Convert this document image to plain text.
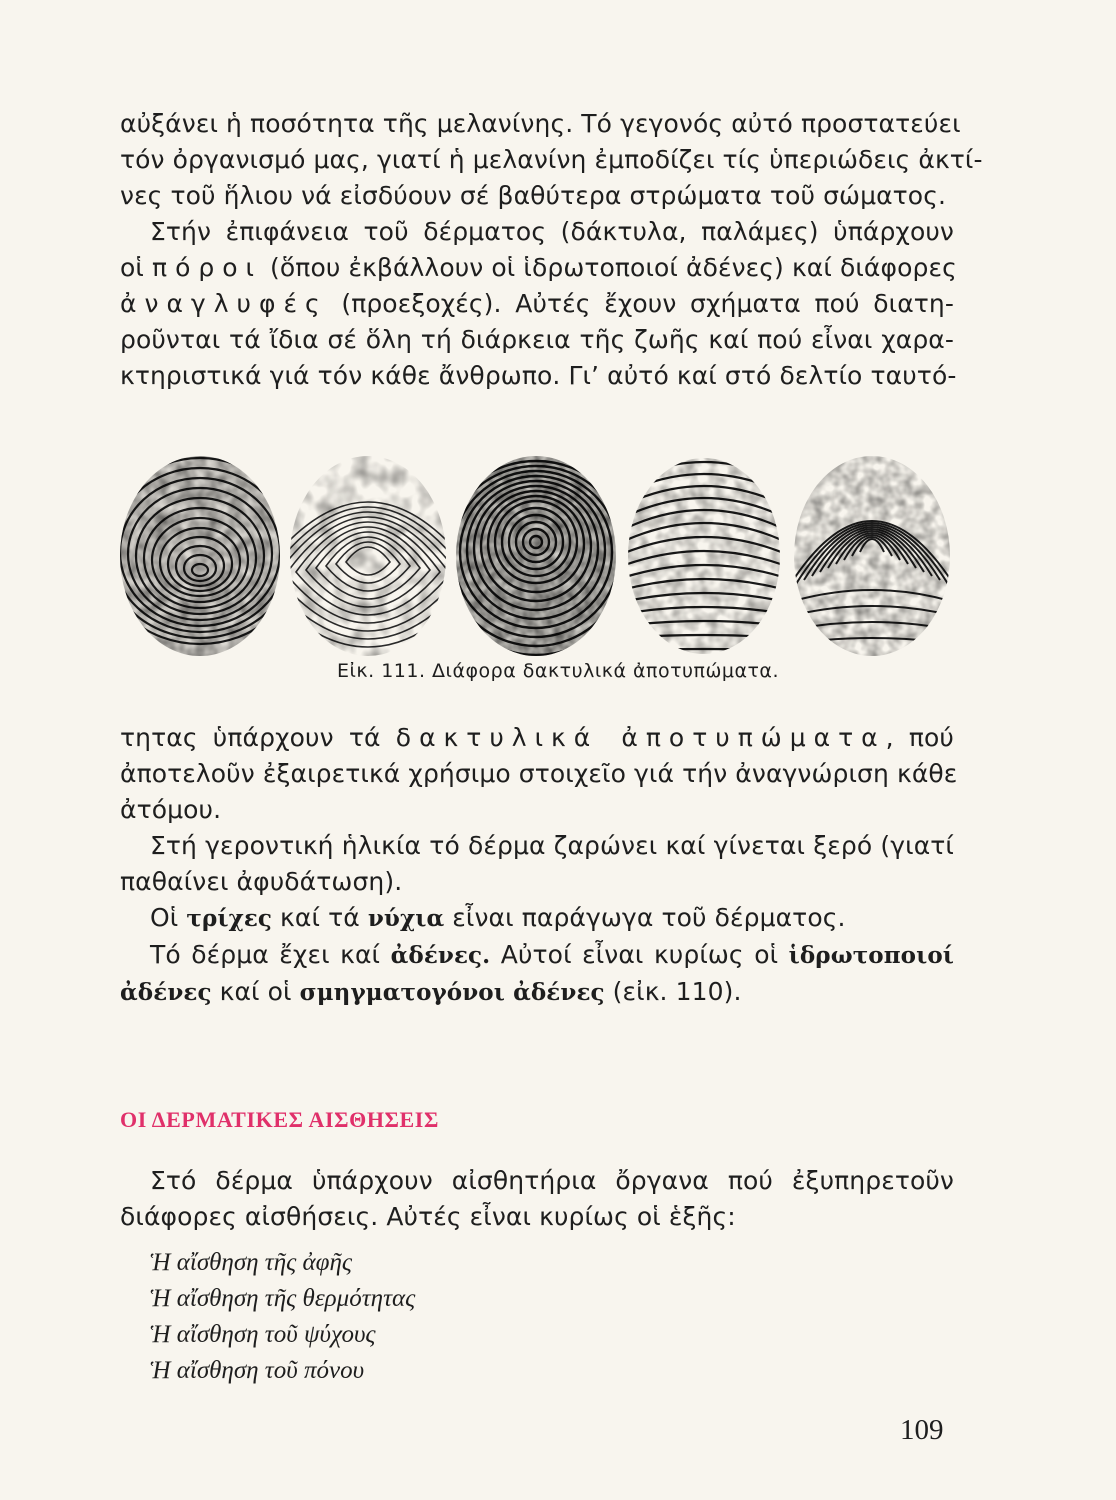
αὐξάνει ἡ ποσότητα τῆς μελανίνης. Τό γεγονός αὐτό προστατεύει
τόν ὀργανισμό μας, γιατί ἡ μελανίνη ἐμποδίζει τίς ὑπεριώδεις ἀκτί-
νες τοῦ ἥλιου νά εἰσδύουν σέ βαθύτερα στρώματα τοῦ σώματος.
Στήν ἐπιφάνεια τοῦ δέρματος (δάκτυλα, παλάμες) ὑπάρχουν
οἱ πόροι (ὅπου ἐκβάλλουν οἱ ἱδρωτοποιοί ἀδένες) καί διάφορες
ἀναγλυφές (προεξοχές). Αὐτές ἔχουν σχήματα πού διατη-
ροῦνται τά ἴδια σέ ὅλη τή διάρκεια τῆς ζωῆς καί πού εἶναι χαρα-
κτηριστικά γιά τόν κάθε ἄνθρωπο. Γι’ αὐτό καί στό δελτίο ταυτό-
Εἰκ. 111. Διάφορα δακτυλικά ἀποτυπώματα.
τητας ὑπάρχουν τά δακτυλικά ἀποτυπώματα, πού
ἀποτελοῦν ἐξαιρετικά χρήσιμο στοιχεῖο γιά τήν ἀναγνώριση κάθε
ἀτόμου.
Στή γεροντική ἡλικία τό δέρμα ζαρώνει καί γίνεται ξερό (γιατί
παθαίνει ἀφυδάτωση).
Οἱ τρίχες καί τά νύχια εἶναι παράγωγα τοῦ δέρματος.
Τό δέρμα ἔχει καί ἀδένες. Αὐτοί εἶναι κυρίως οἱ ἱδρωτοποιοί
ἀδένες καί οἱ σμηγματογόνοι ἀδένες (εἰκ. 110).
ΟΙ ΔΕΡΜΑΤΙΚΕΣ ΑΙΣΘΗΣΕΙΣ
Στό δέρμα ὑπάρχουν αἰσθητήρια ὄργανα πού ἐξυπηρετοῦν
διάφορες αἰσθήσεις. Αὐτές εἶναι κυρίως οἱ ἑξῆς:
Ἡ αἴσθηση τῆς ἀφῆς
Ἡ αἴσθηση τῆς θερμότητας
Ἡ αἴσθηση τοῦ ψύχους
Ἡ αἴσθηση τοῦ πόνου
109
